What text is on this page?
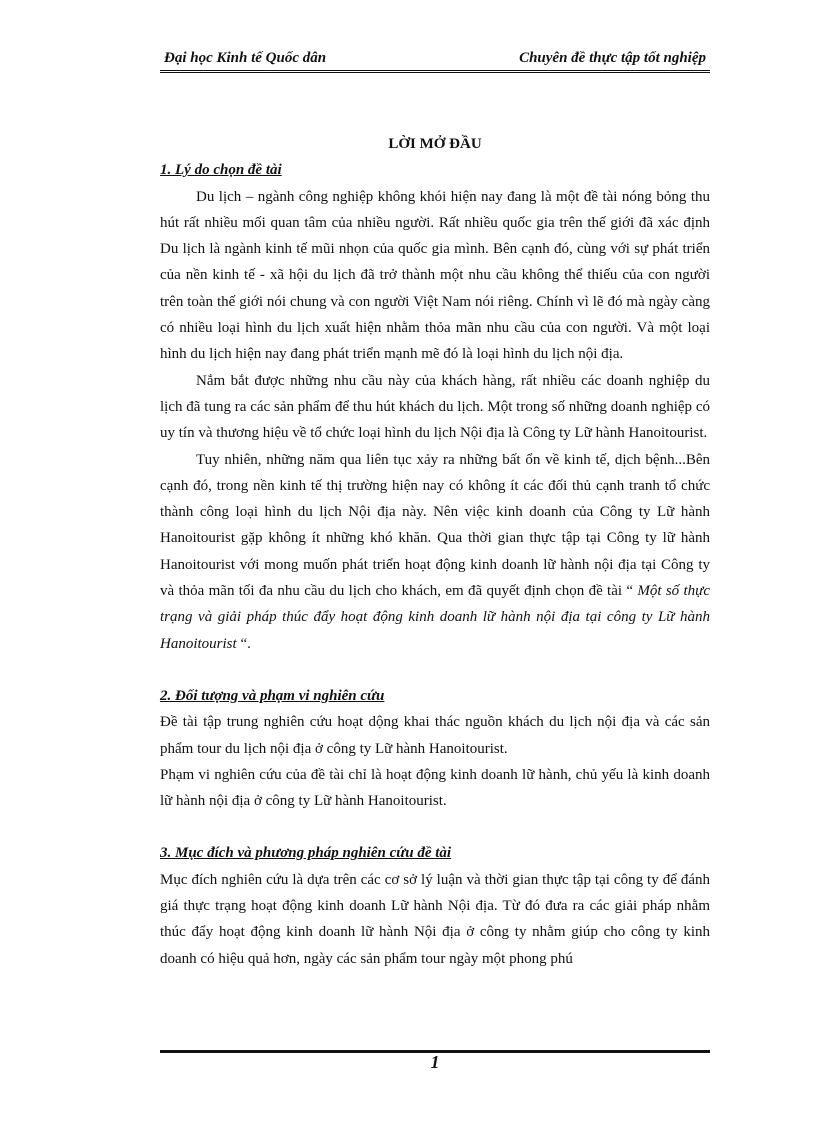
Đại học Kinh tế Quốc dân	Chuyên đề thực tập tốt nghiệp

LỜI MỞ ĐẦU

1. Lý do chọn đề tài

Du lịch – ngành công nghiệp không khói hiện nay đang là một đề tài nóng bỏng thu hút rất nhiều mối quan tâm của nhiều người. Rất nhiều quốc gia trên thế giới đã xác định Du lịch là ngành kinh tế mũi nhọn của quốc gia mình. Bên cạnh đó, cùng với sự phát triển của nền kinh tế - xã hội du lịch đã trở thành một nhu cầu không thể thiếu của con người trên toàn thế giới nói chung và con người Việt Nam nói riêng. Chính vì lẽ đó mà ngày càng có nhiều loại hình du lịch xuất hiện nhằm thỏa mãn nhu cầu của con người. Và một loại hình du lịch hiện nay đang phát triển mạnh mẽ đó là loại hình du lịch nội địa.

Nắm bắt được những nhu cầu này của khách hàng, rất nhiều các doanh nghiệp du lịch đã tung ra các sản phẩm để thu hút khách du lịch. Một trong số những doanh nghiệp có uy tín và thương hiệu về tổ chức loại hình du lịch Nội địa là Công ty Lữ hành Hanoitourist.

Tuy nhiên, những năm qua liên tục xảy ra những bất ổn về kinh tế, dịch bệnh...Bên cạnh đó, trong nền kinh tế thị trường hiện nay có không ít các đối thủ cạnh tranh tổ chức thành công loại hình du lịch Nội địa này. Nên việc kinh doanh của Công ty Lữ hành Hanoitourist gặp không ít những khó khăn. Qua thời gian thực tập tại Công ty lữ hành Hanoitourist với mong muốn phát triển hoạt động kinh doanh lữ hành nội địa tại Công ty và thỏa mãn tối đa nhu cầu du lịch cho khách, em đã quyết định chọn đề tài “ Một số thực trạng và giải pháp thúc đẩy hoạt động kinh doanh lữ hành nội địa tại công ty Lữ hành Hanoitourist “.

2. Đối tượng và phạm vi nghiên cứu

Đề tài tập trung nghiên cứu hoạt dộng khai thác nguồn khách du lịch nội địa và các sản phẩm tour du lịch nội địa ở công ty Lữ hành Hanoitourist.

Phạm vi nghiên cứu của đề tài chỉ là hoạt động kinh doanh lữ hành, chủ yếu là kinh doanh lữ hành nội địa ở công ty Lữ hành Hanoitourist.

3. Mục đích và phương pháp nghiên cứu đề tài

Mục đích nghiên cứu là dựa trên các cơ sở lý luận và thời gian thực tập tại công ty để đánh giá thực trạng hoạt động kinh doanh Lữ hành Nội địa. Từ đó đưa ra các giải pháp nhằm thúc đẩy hoạt động kinh doanh lữ hành Nội địa ở công ty nhằm giúp cho công ty kinh doanh có hiệu quả hơn, ngày các sản phẩm tour ngày một phong phú

1
